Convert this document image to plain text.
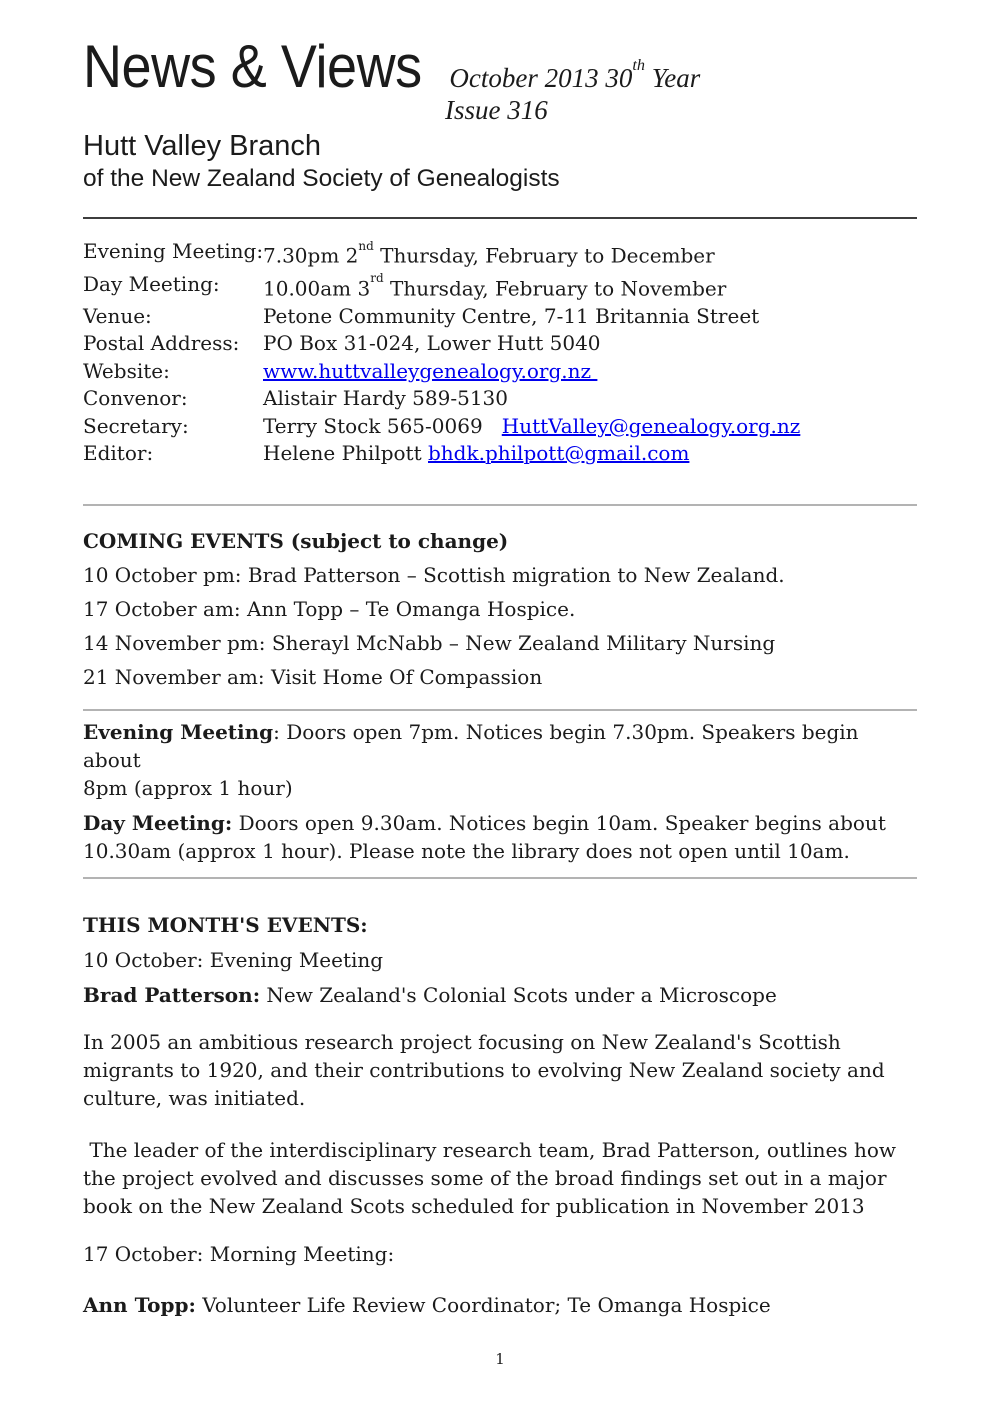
News & Views October 2013 30th Year
Issue 316
Hutt Valley Branch
of the New Zealand Society of Genealogists
Evening Meeting: 7.30pm 2nd Thursday, February to December
Day Meeting:	10.00am 3rd Thursday, February to November
Venue:	Petone Community Centre, 7-11 Britannia Street
Postal Address:	PO Box 31-024, Lower Hutt 5040
Website:	www.huttvalleygenealogy.org.nz
Convenor:	Alistair Hardy 589-5130
Secretary:	Terry Stock 565-0069   HuttValley@genealogy.org.nz
Editor:	Helene Philpott bhdk.philpott@gmail.com

COMING EVENTS (subject to change)

10 October pm: Brad Patterson – Scottish migration to New Zealand.

17 October am: Ann Topp – Te Omanga Hospice.

14 November pm: Sherayl McNabb – New Zealand Military Nursing

21 November am: Visit Home Of Compassion

Evening Meeting: Doors open 7pm. Notices begin 7.30pm. Speakers begin about
8pm (approx 1 hour)

Day Meeting: Doors open 9.30am. Notices begin 10am. Speaker begins about
10.30am (approx 1 hour). Please note the library does not open until 10am.

THIS MONTH'S EVENTS:

10 October: Evening Meeting

Brad Patterson: New Zealand's Colonial Scots under a Microscope

In 2005 an ambitious research project focusing on New Zealand's Scottish
migrants to 1920, and their contributions to evolving New Zealand society and
culture, was initiated.

The leader of the interdisciplinary research team, Brad Patterson, outlines how
the project evolved and discusses some of the broad findings set out in a major
book on the New Zealand Scots scheduled for publication in November 2013

17 October: Morning Meeting:

Ann Topp: Volunteer Life Review Coordinator; Te Omanga Hospice

1
